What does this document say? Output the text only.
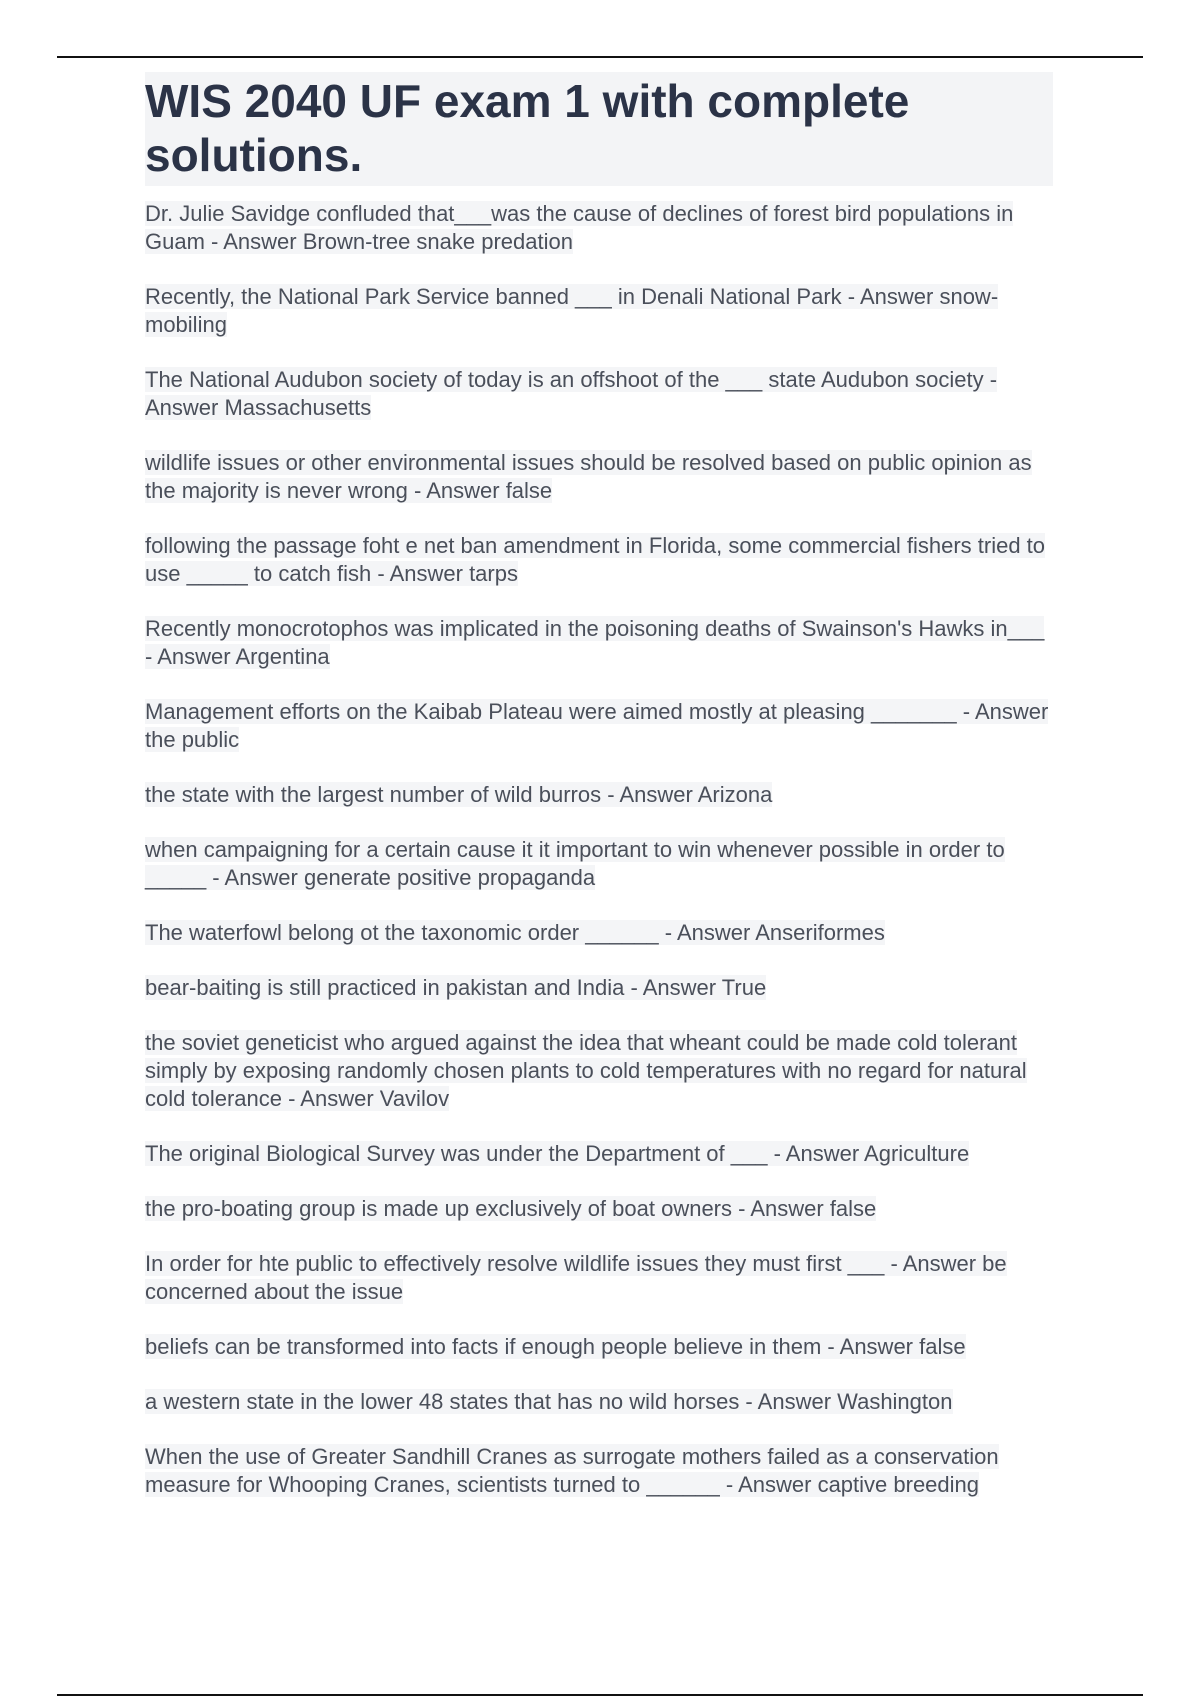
WIS 2040 UF exam 1 with complete solutions.
Dr. Julie Savidge confluded that___was the cause of declines of forest bird populations in Guam - Answer Brown-tree snake predation
Recently, the National Park Service banned ___ in Denali National Park - Answer snow-mobiling
The National Audubon society of today is an offshoot of the ___ state Audubon society - Answer Massachusetts
wildlife issues or other environmental issues should be resolved based on public opinion as the majority is never wrong - Answer false
following the passage foht e net ban amendment in Florida, some commercial fishers tried to use _____ to catch fish - Answer tarps
Recently monocrotophos was implicated in the poisoning deaths of Swainson's Hawks in___ - Answer Argentina
Management efforts on the Kaibab Plateau were aimed mostly at pleasing _______ - Answer the public
the state with the largest number of wild burros - Answer Arizona
when campaigning for a certain cause it it important to win whenever possible in order to _____ - Answer generate positive propaganda
The waterfowl belong ot the taxonomic order ______ - Answer Anseriformes
bear-baiting is still practiced in pakistan and India - Answer True
the soviet geneticist who argued against the idea that wheant could be made cold tolerant simply by exposing randomly chosen plants to cold temperatures with no regard for natural cold tolerance - Answer Vavilov
The original Biological Survey was under the Department of ___ - Answer Agriculture
the pro-boating group is made up exclusively of boat owners - Answer false
In order for hte public to effectively resolve wildlife issues they must first ___ - Answer be concerned about the issue
beliefs can be transformed into facts if enough people believe in them - Answer false
a western state in the lower 48 states that has no wild horses - Answer Washington
When the use of Greater Sandhill Cranes as surrogate mothers failed as a conservation measure for Whooping Cranes, scientists turned to ______ - Answer captive breeding
